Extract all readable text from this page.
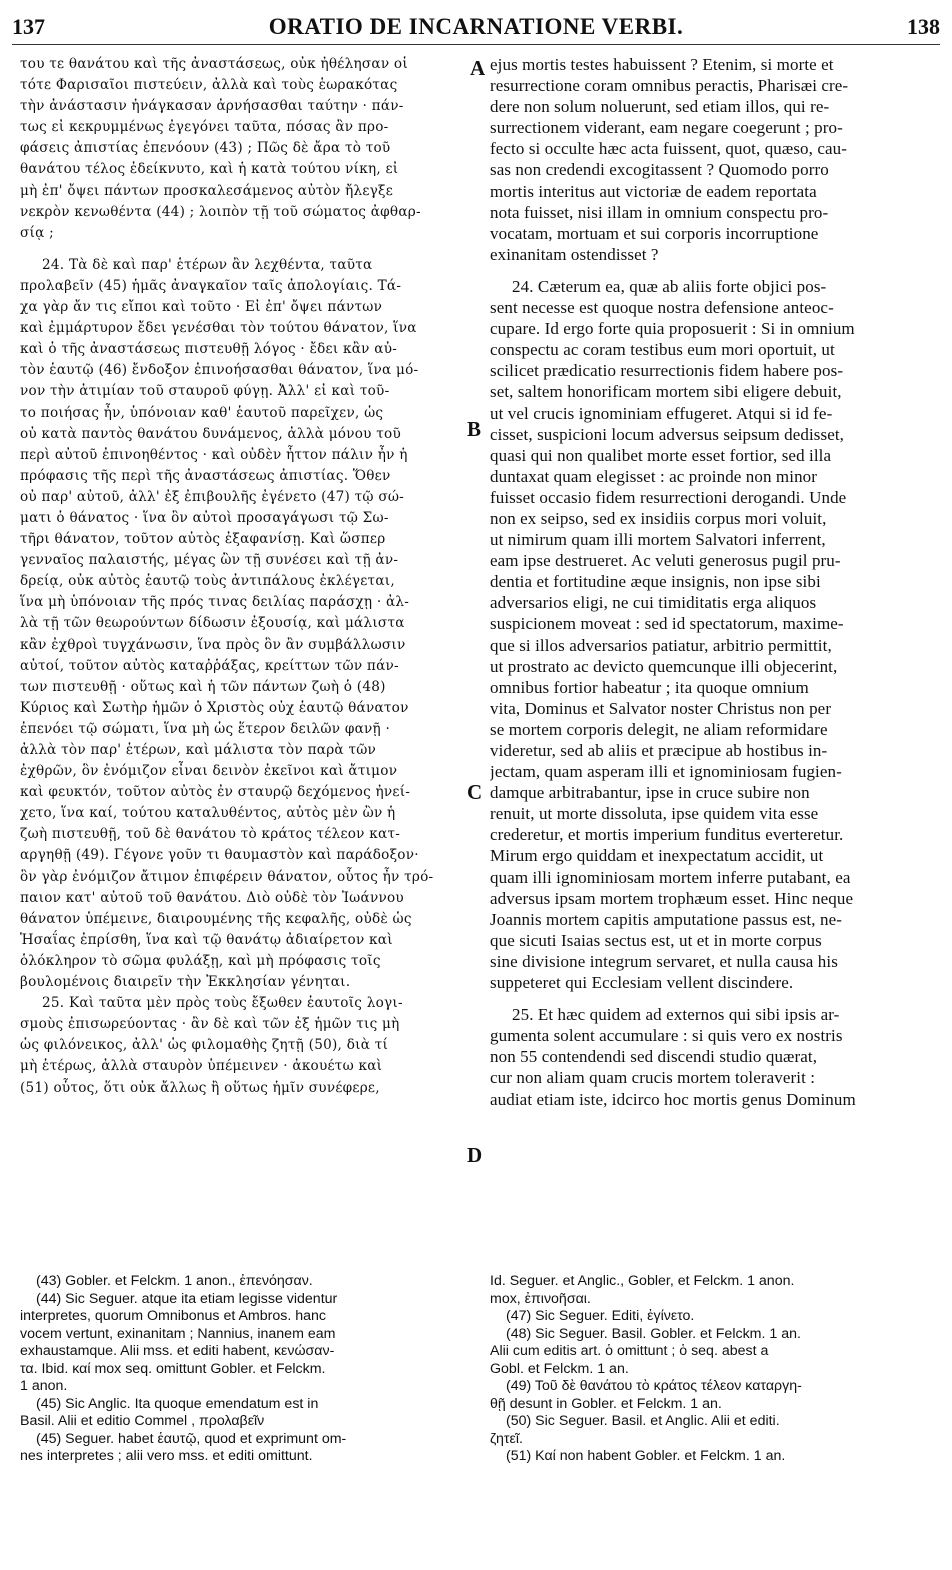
137	ORATIO DE INCARNATIONE VERBI.	138
του τε θανάτου καὶ τῆς ἀναστάσεως, οὐκ ἠθέλησαν οἱ
τότε Φαρισαῖοι πιστεύειν, ἀλλὰ καὶ τοὺς ἑωρακότας
τὴν ἀνάστασιν ἠνάγκασαν ἀρνήσασθαι ταύτην · πάν-
τως εἰ κεκρυμμένως ἐγεγόνει ταῦτα, πόσας ἂν προ-
φάσεις ἀπιστίας ἐπενόουν (43) ; Πῶς δὲ ἄρα τὸ τοῦ
θανάτου τέλος ἐδείκνυτο, καὶ ἡ κατὰ τούτου νίκη, εἰ
μὴ ἐπ' ὄψει πάντων προσκαλεσάμενος αὐτὸν ἤλεγξε
νεκρὸν κενωθέντα (44) ; λοιπὸν τῇ τοῦ σώματος ἀφθαρ-
σίᾳ ;
24. Τὰ δὲ καὶ παρ' ἑτέρων ἂν λεχθέντα, ταῦτα
προλαβεῖν (45) ἡμᾶς ἀναγκαῖον ταῖς ἀπολογίαις. Τά-
χα γὰρ ἄν τις εἴποι καὶ τοῦτο · Εἰ ἐπ' ὄψει πάντων
καὶ ἐμμάρτυρον ἔδει γενέσθαι τὸν τούτου θάνατον, ἵνα
καὶ ὁ τῆς ἀναστάσεως πιστευθῇ λόγος · ἔδει κἂν αὐ-
τὸν ἑαυτῷ (46) ἔνδοξον ἐπινοήσασθαι θάνατον, ἵνα μό-
νον τὴν ἀτιμίαν τοῦ σταυροῦ φύγῃ. Ἀλλ' εἰ καὶ τοῦ-
το ποιήσας ἦν, ὑπόνοιαν καθ' ἑαυτοῦ παρεῖχεν, ὡς
οὐ κατὰ παντὸς θανάτου δυνάμενος, ἀλλὰ μόνου τοῦ
περὶ αὐτοῦ ἐπινοηθέντος · καὶ οὐδὲν ἧττον πάλιν ἦν ἡ
πρόφασις τῆς περὶ τῆς ἀναστάσεως ἀπιστίας. Ὅθεν
οὐ παρ' αὐτοῦ, ἀλλ' ἐξ ἐπιβουλῆς ἐγένετο (47) τῷ σώ-
ματι ὁ θάνατος · ἵνα ὃν αὐτοὶ προσαγάγωσι τῷ Σω-
τῆρι θάνατον, τοῦτον αὐτὸς ἐξαφανίσῃ. Καὶ ὥσπερ
γενναῖος παλαιστής, μέγας ὢν τῇ συνέσει καὶ τῇ ἀν-
δρείᾳ, οὐκ αὐτὸς ἑαυτῷ τοὺς ἀντιπάλους ἐκλέγεται,
ἵνα μὴ ὑπόνοιαν τῆς πρός τινας δειλίας παράσχῃ · ἀλ-
λὰ τῇ τῶν θεωρούντων δίδωσιν ἐξουσίᾳ, καὶ μάλιστα
κἂν ἐχθροὶ τυγχάνωσιν, ἵνα πρὸς ὃν ἂν συμβάλλωσιν
αὐτοί, τοῦτον αὐτὸς καταῤῥάξας, κρείττων τῶν πάν-
των πιστευθῇ · οὕτως καὶ ἡ τῶν πάντων ζωὴ ὁ (48)
Κύριος καὶ Σωτὴρ ἡμῶν ὁ Χριστὸς οὐχ ἑαυτῷ θάνατον
ἐπενόει τῷ σώματι, ἵνα μὴ ὡς ἕτερον δειλῶν φανῇ ·
ἀλλὰ τὸν παρ' ἑτέρων, καὶ μάλιστα τὸν παρὰ τῶν
ἐχθρῶν, ὃν ἐνόμιζον εἶναι δεινὸν ἐκεῖνοι καὶ ἄτιμον
καὶ φευκτόν, τοῦτον αὐτὸς ἐν σταυρῷ δεχόμενος ἠνεί-
χετο, ἵνα καί, τούτου καταλυθέντος, αὐτὸς μὲν ὢν ἡ
ζωὴ πιστευθῇ, τοῦ δὲ θανάτου τὸ κράτος τέλεον κατ-
αργηθῇ (49). Γέγονε γοῦν τι θαυμαστὸν καὶ παράδοξον·
ὃν γὰρ ἐνόμιζον ἄτιμον ἐπιφέρειν θάνατον, οὗτος ἦν τρό-
παιον κατ' αὐτοῦ τοῦ θανάτου. Διὸ οὐδὲ τὸν Ἰωάννου
θάνατον ὑπέμεινε, διαιρουμένης τῆς κεφαλῆς, οὐδὲ ὡς
Ἡσαΐας ἐπρίσθη, ἵνα καὶ τῷ θανάτῳ ἀδιαίρετον καὶ
ὁλόκληρον τὸ σῶμα φυλάξῃ, καὶ μὴ πρόφασις τοῖς
βουλομένοις διαιρεῖν τὴν Ἐκκλησίαν γένηται.
25. Καὶ ταῦτα μὲν πρὸς τοὺς ἔξωθεν ἑαυτοῖς λογι-
σμοὺς ἐπισωρεύοντας · ἂν δὲ καὶ τῶν ἐξ ἡμῶν τις μὴ
ὡς φιλόνεικος, ἀλλ' ὡς φιλομαθὴς ζητῇ (50), διὰ τί
μὴ ἑτέρως, ἀλλὰ σταυρὸν ὑπέμεινεν · ἀκουέτω καὶ
(51) οὗτος, ὅτι οὐκ ἄλλως ἢ οὕτως ἡμῖν συνέφερε,
ejus mortis testes habuissent ? Etenim, si morte et
resurrectione coram omnibus peractis, Pharisæi cre-
dere non solum noluerunt, sed etiam illos, qui re-
surrectionem viderant, eam negare coegerunt ; pro-
fecto si occulte hæc acta fuissent, quot, quæso, cau-
sas non credendi excogitassent ? Quomodo porro
mortis interitus aut victoriæ de eadem reportata
nota fuisset, nisi illam in omnium conspectu pro-
vocatam, mortuam et sui corporis incorruptione
exinanitam ostendisset ?
24. Cæterum ea, quæ ab aliis forte objici pos-
sent necesse est quoque nostra defensione anteoc-
cupare. Id ergo forte quia proposuerit : Si in omnium
conspectu ac coram testibus eum mori oportuit, ut
scilicet prædicatio resurrectionis fidem habere pos-
set, saltem honorificam mortem sibi eligere debuit,
ut vel crucis ignominiam effugeret. Atqui si id fe-
cisset, suspicioni locum adversus seipsum dedisset,
quasi qui non qualibet morte esset fortior, sed illa
duntaxat quam elegisset : ac proinde non minor
fuisset occasio fidem resurrectioni derogandi. Unde
non ex seipso, sed ex insidiis corpus mori voluit,
ut nimirum quam illi mortem Salvatori inferrent,
eam ipse destrueret. Ac veluti generosus pugil pru-
dentia et fortitudine æque insignis, non ipse sibi
adversarios eligi, ne cui timiditatis erga aliquos
suspicionem moveat : sed id spectatorum, maxime-
que si illos adversarios patiatur, arbitrio permittit,
ut prostrato ac devicto quemcunque illi objecerint,
omnibus fortior habeatur ; ita quoque omnium
vita, Dominus et Salvator noster Christus non per
se mortem corporis delegit, ne aliam reformidare
videretur, sed ab aliis et præcipue ab hostibus in-
jectam, quam asperam illi et ignominiosam fugien-
damque arbitrabantur, ipse in cruce subire non
renuit, ut morte dissoluta, ipse quidem vita esse
crederetur, et mortis imperium funditus everteretur.
Mirum ergo quiddam et inexpectatum accidit, ut
quam illi ignominiosam mortem inferre putabant, ea
adversus ipsam mortem trophæum esset. Hinc neque
Joannis mortem capitis amputatione passus est, ne-
que sicuti Isaias sectus est, ut et in morte corpus
sine divisione integrum servaret, et nulla causa his
suppeteret qui Ecclesiam vellent discindere.
25. Et hæc quidem ad externos qui sibi ipsis ar-
gumenta solent accumulare : si quis vero ex nostris
non 55 contendendi sed discendi studio quærat,
cur non aliam quam crucis mortem toleraverit :
audiat etiam iste, idcirco hoc mortis genus Dominum
A
B
C
D
(43) Gobler. et Felckm. 1 anon., ἐπενόησαν.
(44) Sic Seguer. atque ita etiam legisse videntur
interpretes, quorum Omnibonus et Ambros. hanc
vocem vertunt, exinanitam ; Nannius, inanem eam
exhaustamque. Alii mss. et editi habent, κενώσαν-
τα. Ibid. καί mox seq. omittunt Gobler. et Felckm.
1 anon.
(45) Sic Anglic. Ita quoque emendatum est in
Basil. Alii et editio Commel , προλαβεῖν
(45) Seguer. habet ἑαυτῷ, quod et exprimunt om-
nes interpretes ; alii vero mss. et editi omittunt.
Id. Seguer. et Anglic., Gobler, et Felckm. 1 anon.
mox, ἐπινοῆσαι.
(47) Sic Seguer. Editi, ἐγίνετο.
(48) Sic Seguer. Basil. Gobler. et Felckm. 1 an.
Alii cum editis art. ὁ omittunt ; ὁ seq. abest a
Gobl. et Felckm. 1 an.
(49) Τοῦ δὲ θανάτου τὸ κράτος τέλεον καταργη-
θῇ desunt in Gobler. et Felckm. 1 an.
(50) Sic Seguer. Basil. et Anglic. Alii et editi.
ζητεῖ.
(51) Καί non habent Gobler. et Felckm. 1 an.
